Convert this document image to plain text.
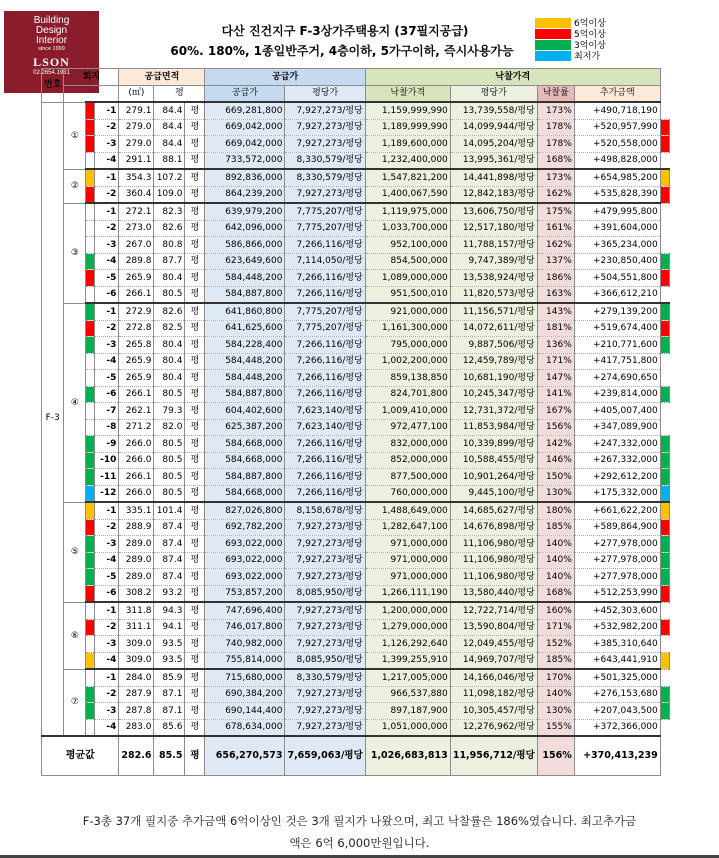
Building
Design
Interior
since 1999
LSON
02.2654.1931
다산 진건지구 F-3상가주택용지 (37필지공급)
60%. 180%, 1종일반주거, 4층이하, 5가구이하, 즉시사용가능
6억이상
5억이상
3억이상
최저가
번호	회지			공급면적			공급가		낙찰가격				
				(㎡)	평		공급가	평당가	낙찰가격	평당가	낙찰률	추가금액	
F-3	①		-1	279.1	84.4	평	669,281,800	7,927,273/평당	1,159,999,990	13,739,558/평당	173%	+490,718,190	
			-2	279.0	84.4	평	669,042,000	7,927,273/평당	1,189,999,990	14,099,944/평당	178%	+520,957,990	
			-3	279.0	84.4	평	669,042,000	7,927,273/평당	1,189,600,000	14,095,204/평당	178%	+520,558,000	
			-4	291.1	88.1	평	733,572,000	8,330,579/평당	1,232,400,000	13,995,361/평당	168%	+498,828,000	
	②		-1	354.3	107.2	평	892,836,000	8,330,579/평당	1,547,821,200	14,441,898/평당	173%	+654,985,200	
			-2	360.4	109.0	평	864,239,200	7,927,273/평당	1,400,067,590	12,842,183/평당	162%	+535,828,390	
	③		-1	272.1	82.3	평	639,979,200	7,775,207/평당	1,119,975,000	13,606,750/평당	175%	+479,995,800	
			-2	273.0	82.6	평	642,096,000	7,775,207/평당	1,033,700,000	12,517,180/평당	161%	+391,604,000	
			-3	267.0	80.8	평	586,866,000	7,266,116/평당	952,100,000	11,788,157/평당	162%	+365,234,000	
			-4	289.8	87.7	평	623,649,600	7,114,050/평당	854,500,000	9,747,389/평당	137%	+230,850,400	
			-5	265.9	80.4	평	584,448,200	7,266,116/평당	1,089,000,000	13,538,924/평당	186%	+504,551,800	
			-6	266.1	80.5	평	584,887,800	7,266,116/평당	951,500,010	11,820,573/평당	163%	+366,612,210	
	④		-1	272.9	82.6	평	641,860,800	7,775,207/평당	921,000,000	11,156,571/평당	143%	+279,139,200	
			-2	272.8	82.5	평	641,625,600	7,775,207/평당	1,161,300,000	14,072,611/평당	181%	+519,674,400	
			-3	265.8	80.4	평	584,228,400	7,266,116/평당	795,000,000	9,887,506/평당	136%	+210,771,600	
			-4	265.9	80.4	평	584,448,200	7,266,116/평당	1,002,200,000	12,459,789/평당	171%	+417,751,800	
			-5	265.9	80.4	평	584,448,200	7,266,116/평당	859,138,850	10,681,190/평당	147%	+274,690,650	
			-6	266.1	80.5	평	584,887,800	7,266,116/평당	824,701,800	10,245,347/평당	141%	+239,814,000	
			-7	262.1	79.3	평	604,402,600	7,623,140/평당	1,009,410,000	12,731,372/평당	167%	+405,007,400	
			-8	271.2	82.0	평	625,387,200	7,623,140/평당	972,477,100	11,853,984/평당	156%	+347,089,900	
			-9	266.0	80.5	평	584,668,000	7,266,116/평당	832,000,000	10,339,899/평당	142%	+247,332,000	
			-10	266.0	80.5	평	584,668,000	7,266,116/평당	852,000,000	10,588,455/평당	146%	+267,332,000	
			-11	266.1	80.5	평	584,887,800	7,266,116/평당	877,500,000	10,901,264/평당	150%	+292,612,200	
			-12	266.0	80.5	평	584,668,000	7,266,116/평당	760,000,000	9,445,100/평당	130%	+175,332,000	
	⑤		-1	335.1	101.4	평	827,026,800	8,158,678/평당	1,488,649,000	14,685,627/평당	180%	+661,622,200	
			-2	288.9	87.4	평	692,782,200	7,927,273/평당	1,282,647,100	14,676,898/평당	185%	+589,864,900	
			-3	289.0	87.4	평	693,022,000	7,927,273/평당	971,000,000	11,106,980/평당	140%	+277,978,000	
			-4	289.0	87.4	평	693,022,000	7,927,273/평당	971,000,000	11,106,980/평당	140%	+277,978,000	
			-5	289.0	87.4	평	693,022,000	7,927,273/평당	971,000,000	11,106,980/평당	140%	+277,978,000	
			-6	308.2	93.2	평	753,857,200	8,085,950/평당	1,266,111,190	13,580,440/평당	168%	+512,253,990	
	⑥		-1	311.8	94.3	평	747,696,400	7,927,273/평당	1,200,000,000	12,722,714/평당	160%	+452,303,600	
			-2	311.1	94.1	평	746,017,800	7,927,273/평당	1,279,000,000	13,590,804/평당	171%	+532,982,200	
			-3	309.0	93.5	평	740,982,000	7,927,273/평당	1,126,292,640	12,049,455/평당	152%	+385,310,640	
			-4	309.0	93.5	평	755,814,000	8,085,950/평당	1,399,255,910	14,969,707/평당	185%	+643,441,910	
	⑦		-1	284.0	85.9	평	715,680,000	8,330,579/평당	1,217,005,000	14,166,046/평당	170%	+501,325,000	
			-2	287.9	87.1	평	690,384,200	7,927,273/평당	966,537,880	11,098,182/평당	140%	+276,153,680	
			-3	287.8	87.1	평	690,144,400	7,927,273/평당	897,187,900	10,305,457/평당	130%	+207,043,500	
			-4	283.0	85.6	평	678,634,000	7,927,273/평당	1,051,000,000	12,276,962/평당	155%	+372,366,000	
평균값				282.6	85.5	평	656,270,573	7,659,063/평당	1,026,683,813	11,956,712/평당	156%	+370,413,239	
F-3총 37개 필지중 추가금액 6억이상인 것은 3개 필지가 나왔으며, 최고 낙찰률은 186%였습니다. 최고추가금
액은 6억 6,000만원입니다.
